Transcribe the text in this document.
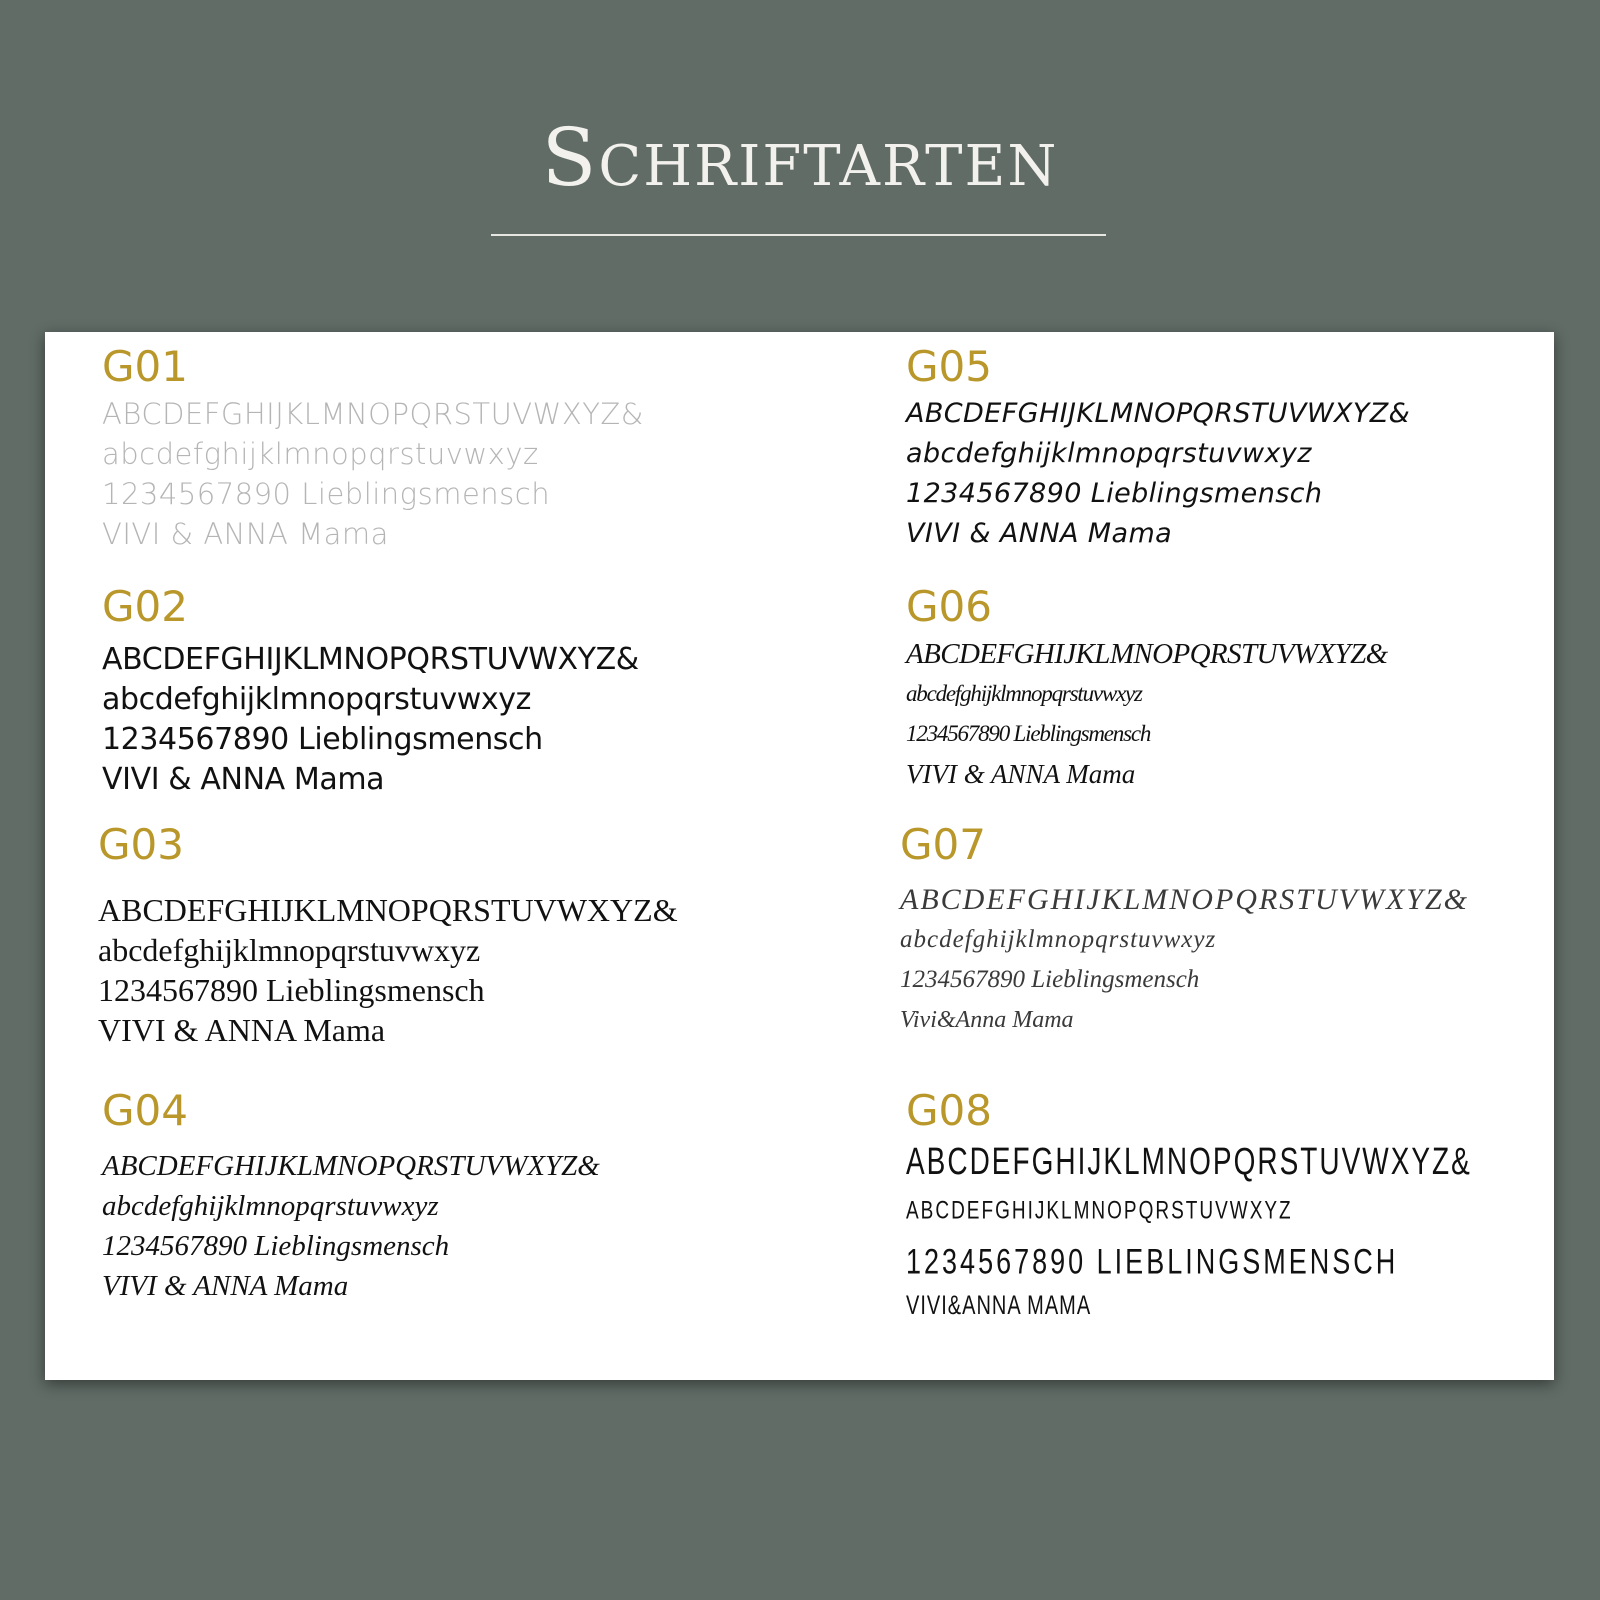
Schriftarten
G01
ABCDEFGHIJKLMNOPQRSTUVWXYZ&
abcdefghijklmnopqrstuvwxyz
1234567890 Lieblingsmensch
VIVI & ANNA Mama
G02
ABCDEFGHIJKLMNOPQRSTUVWXYZ&
abcdefghijklmnopqrstuvwxyz
1234567890 Lieblingsmensch
VIVI & ANNA Mama
G03
ABCDEFGHIJKLMNOPQRSTUVWXYZ&
abcdefghijklmnopqrstuvwxyz
1234567890 Lieblingsmensch
VIVI & ANNA Mama
G04
ABCDEFGHIJKLMNOPQRSTUVWXYZ&
abcdefghijklmnopqrstuvwxyz
1234567890 Lieblingsmensch
VIVI & ANNA Mama
G05
ABCDEFGHIJKLMNOPQRSTUVWXYZ&
abcdefghijklmnopqrstuvwxyz
1234567890 Lieblingsmensch
VIVI & ANNA Mama
G06
ABCDEFGHIJKLMNOPQRSTUVWXYZ&
abcdefghijklmnopqrstuvwxyz
1234567890 Lieblingsmensch
VIVI & ANNA Mama
G07
ABCDEFGHIJKLMNOPQRSTUVWXYZ&
abcdefghijklmnopqrstuvwxyz
1234567890 Lieblingsmensch
Vivi&Anna Mama
G08
ABCDEFGHIJKLMNOPQRSTUVWXYZ&
ABCDEFGHIJKLMNOPQRSTUVWXYZ
1234567890 LIEBLINGSMENSCH
VIVI&ANNA MAMA
